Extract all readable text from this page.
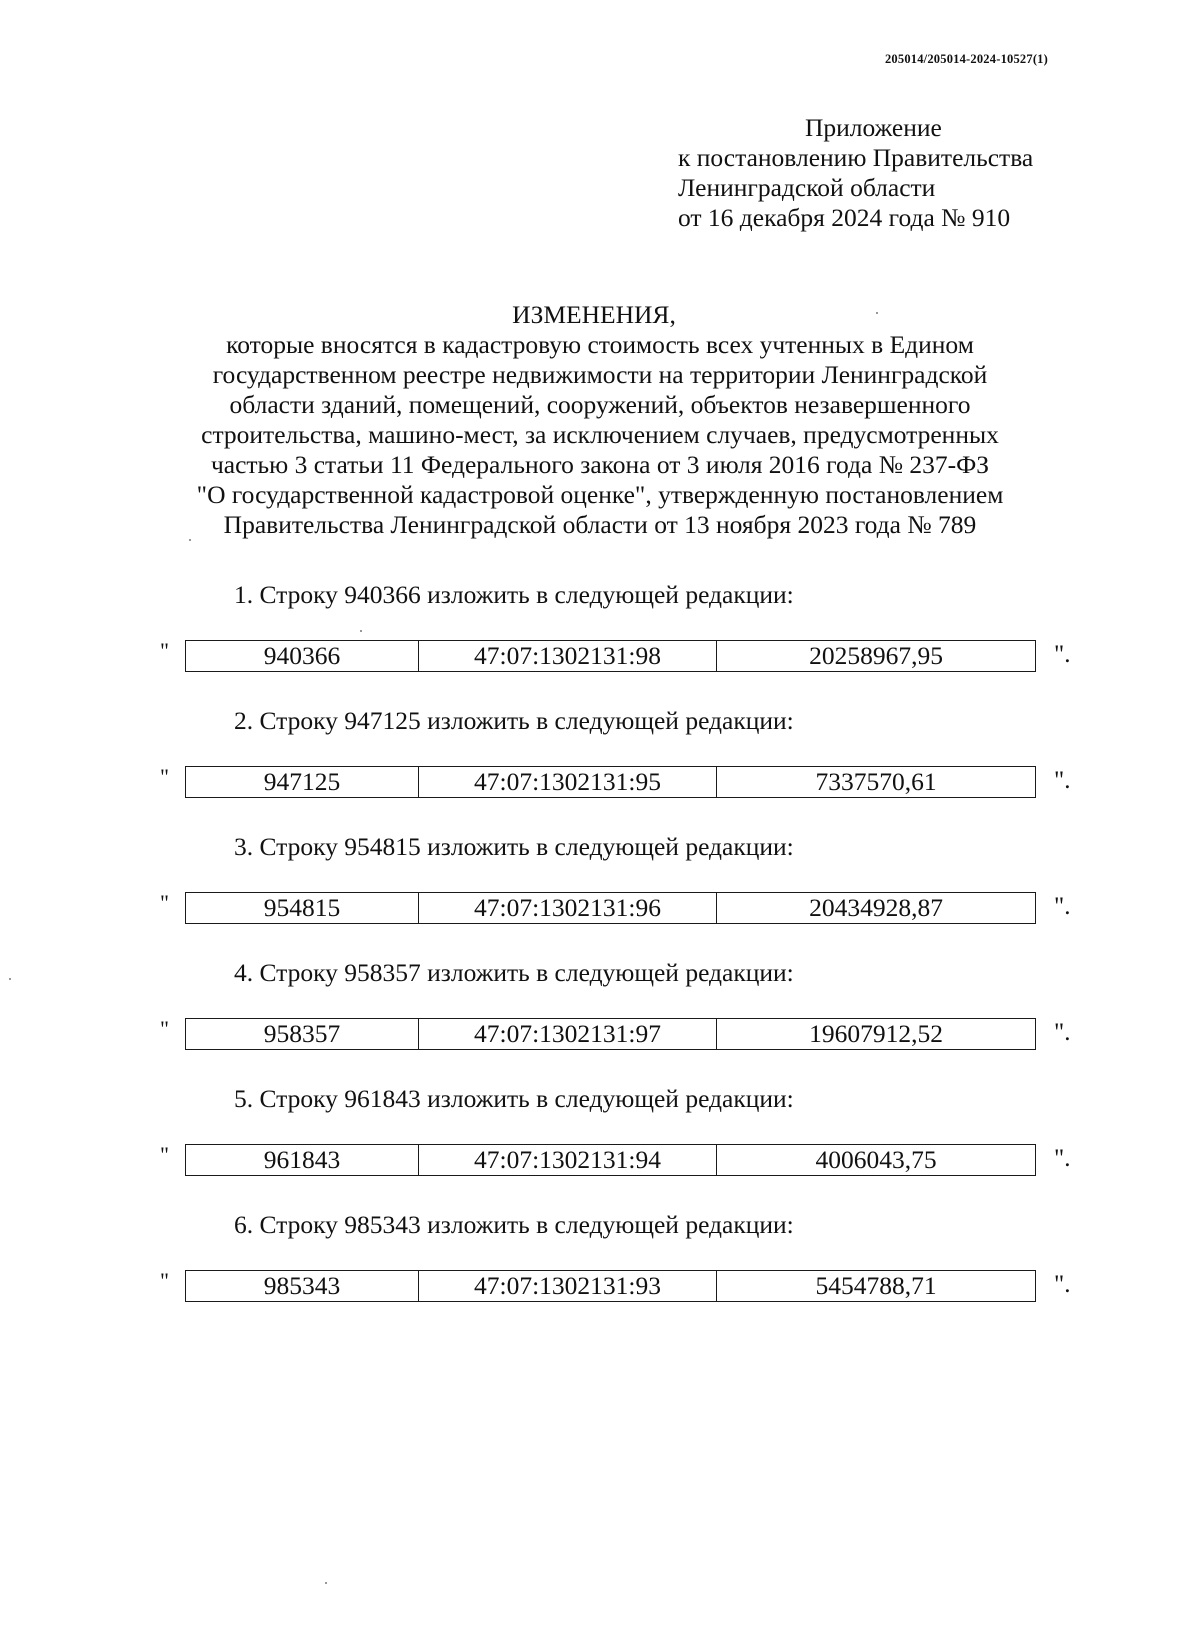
205014/205014-2024-10527(1)
Приложение
к постановлению Правительства
Ленинградской области
от 16 декабря 2024 года № 910
ИЗМЕНЕНИЯ,
которые вносятся в кадастровую стоимость всех учтенных в Едином
государственном реестре недвижимости на территории Ленинградской
области зданий, помещений, сооружений, объектов незавершенного
строительства, машино-мест, за исключением случаев, предусмотренных
частью 3 статьи 11 Федерального закона от 3 июля 2016 года № 237-ФЗ
"О государственной кадастровой оценке", утвержденную постановлением
Правительства Ленинградской области от 13 ноября 2023 года № 789
1. Строку 940366 изложить в следующей редакции:
"	940366	47:07:1302131:98	20258967,95	".
2. Строку 947125 изложить в следующей редакции:
"	947125	47:07:1302131:95	7337570,61	".
3. Строку 954815 изложить в следующей редакции:
"	954815	47:07:1302131:96	20434928,87	".
4. Строку 958357 изложить в следующей редакции:
"	958357	47:07:1302131:97	19607912,52	".
5. Строку 961843 изложить в следующей редакции:
"	961843	47:07:1302131:94	4006043,75	".
6. Строку 985343 изложить в следующей редакции:
"	985343	47:07:1302131:93	5454788,71	".
